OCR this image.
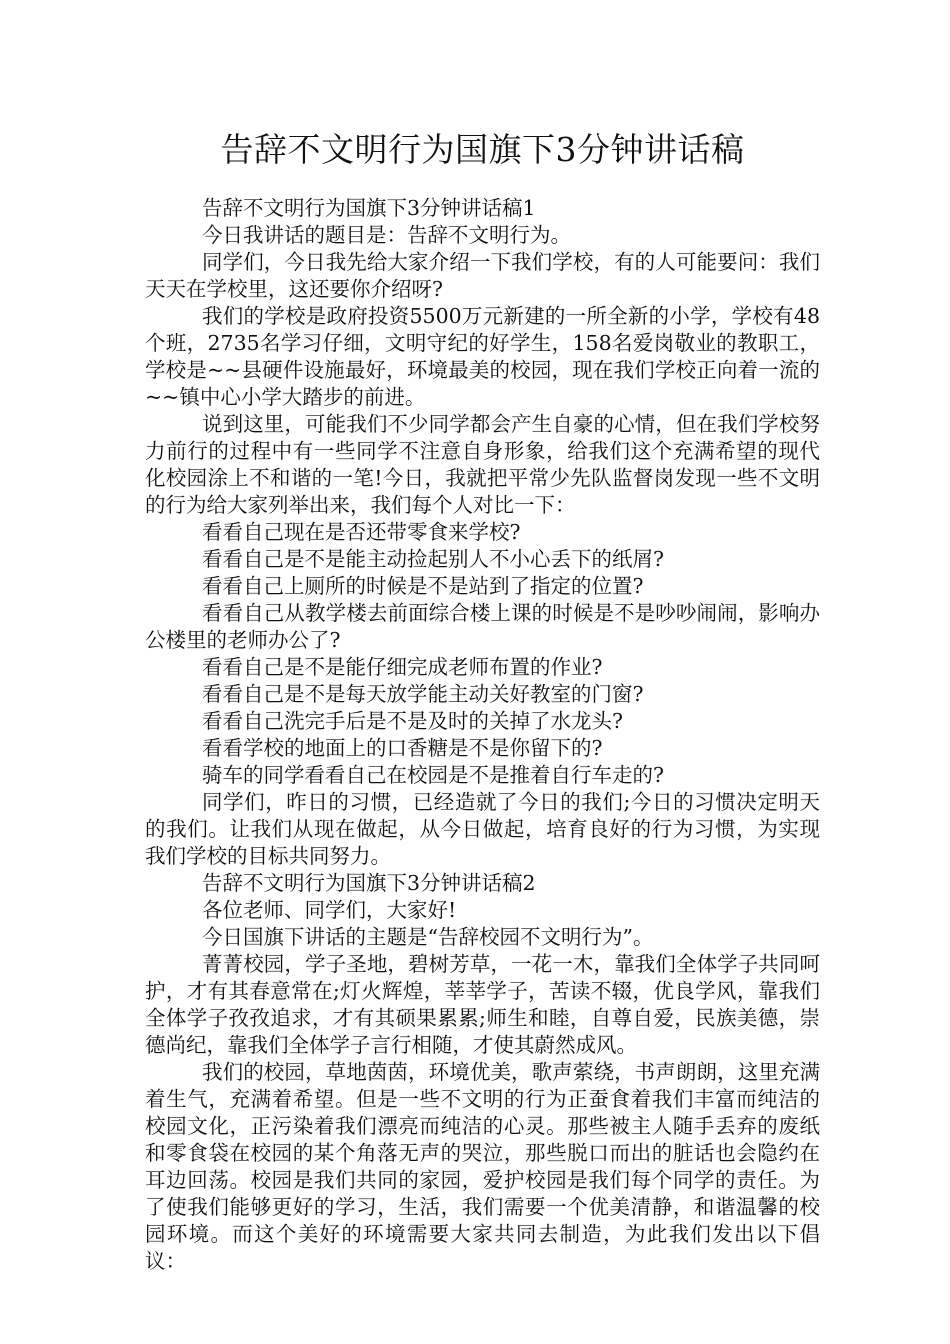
告辞不文明行为国旗下3分钟讲话稿

告辞不文明行为国旗下3分钟讲话稿1

今日我讲话的题目是：告辞不文明行为。

同学们，今日我先给大家介绍一下我们学校，有的人可能要问：我们天天在学校里，这还要你介绍呀?

我们的学校是政府投资5500万元新建的一所全新的小学，学校有48个班，2735名学习仔细，文明守纪的好学生，158名爱岗敬业的教职工，学校是~~县硬件设施最好，环境最美的校园，现在我们学校正向着一流的~~镇中心小学大踏步的前进。

说到这里，可能我们不少同学都会产生自豪的心情，但在我们学校努力前行的过程中有一些同学不注意自身形象，给我们这个充满希望的现代化校园涂上不和谐的一笔!今日，我就把平常少先队监督岗发现一些不文明的行为给大家列举出来，我们每个人对比一下：

看看自己现在是否还带零食来学校?

看看自己是不是能主动捡起别人不小心丢下的纸屑?

看看自己上厕所的时候是不是站到了指定的位置?

看看自己从教学楼去前面综合楼上课的时候是不是吵吵闹闹，影响办公楼里的老师办公了?

看看自己是不是能仔细完成老师布置的作业?

看看自己是不是每天放学能主动关好教室的门窗?

看看自己洗完手后是不是及时的关掉了水龙头?

看看学校的地面上的口香糖是不是你留下的?

骑车的同学看看自己在校园是不是推着自行车走的?

同学们，昨日的习惯，已经造就了今日的我们;今日的习惯决定明天的我们。让我们从现在做起，从今日做起，培育良好的行为习惯，为实现我们学校的目标共同努力。

告辞不文明行为国旗下3分钟讲话稿2

各位老师、同学们，大家好!

今日国旗下讲话的主题是“告辞校园不文明行为”。

菁菁校园，学子圣地，碧树芳草，一花一木，靠我们全体学子共同呵护，才有其春意常在;灯火辉煌，莘莘学子，苦读不辍，优良学风，靠我们全体学子孜孜追求，才有其硕果累累;师生和睦，自尊自爱，民族美德，崇德尚纪，靠我们全体学子言行相随，才使其蔚然成风。

我们的校园，草地茵茵，环境优美，歌声萦绕，书声朗朗，这里充满着生气，充满着希望。但是一些不文明的行为正蚕食着我们丰富而纯洁的校园文化，正污染着我们漂亮而纯洁的心灵。那些被主人随手丢弃的废纸和零食袋在校园的某个角落无声的哭泣，那些脱口而出的脏话也会隐约在耳边回荡。校园是我们共同的家园，爱护校园是我们每个同学的责任。为了使我们能够更好的学习，生活，我们需要一个优美清静，和谐温馨的校园环境。而这个美好的环境需要大家共同去制造，为此我们发出以下倡议：
